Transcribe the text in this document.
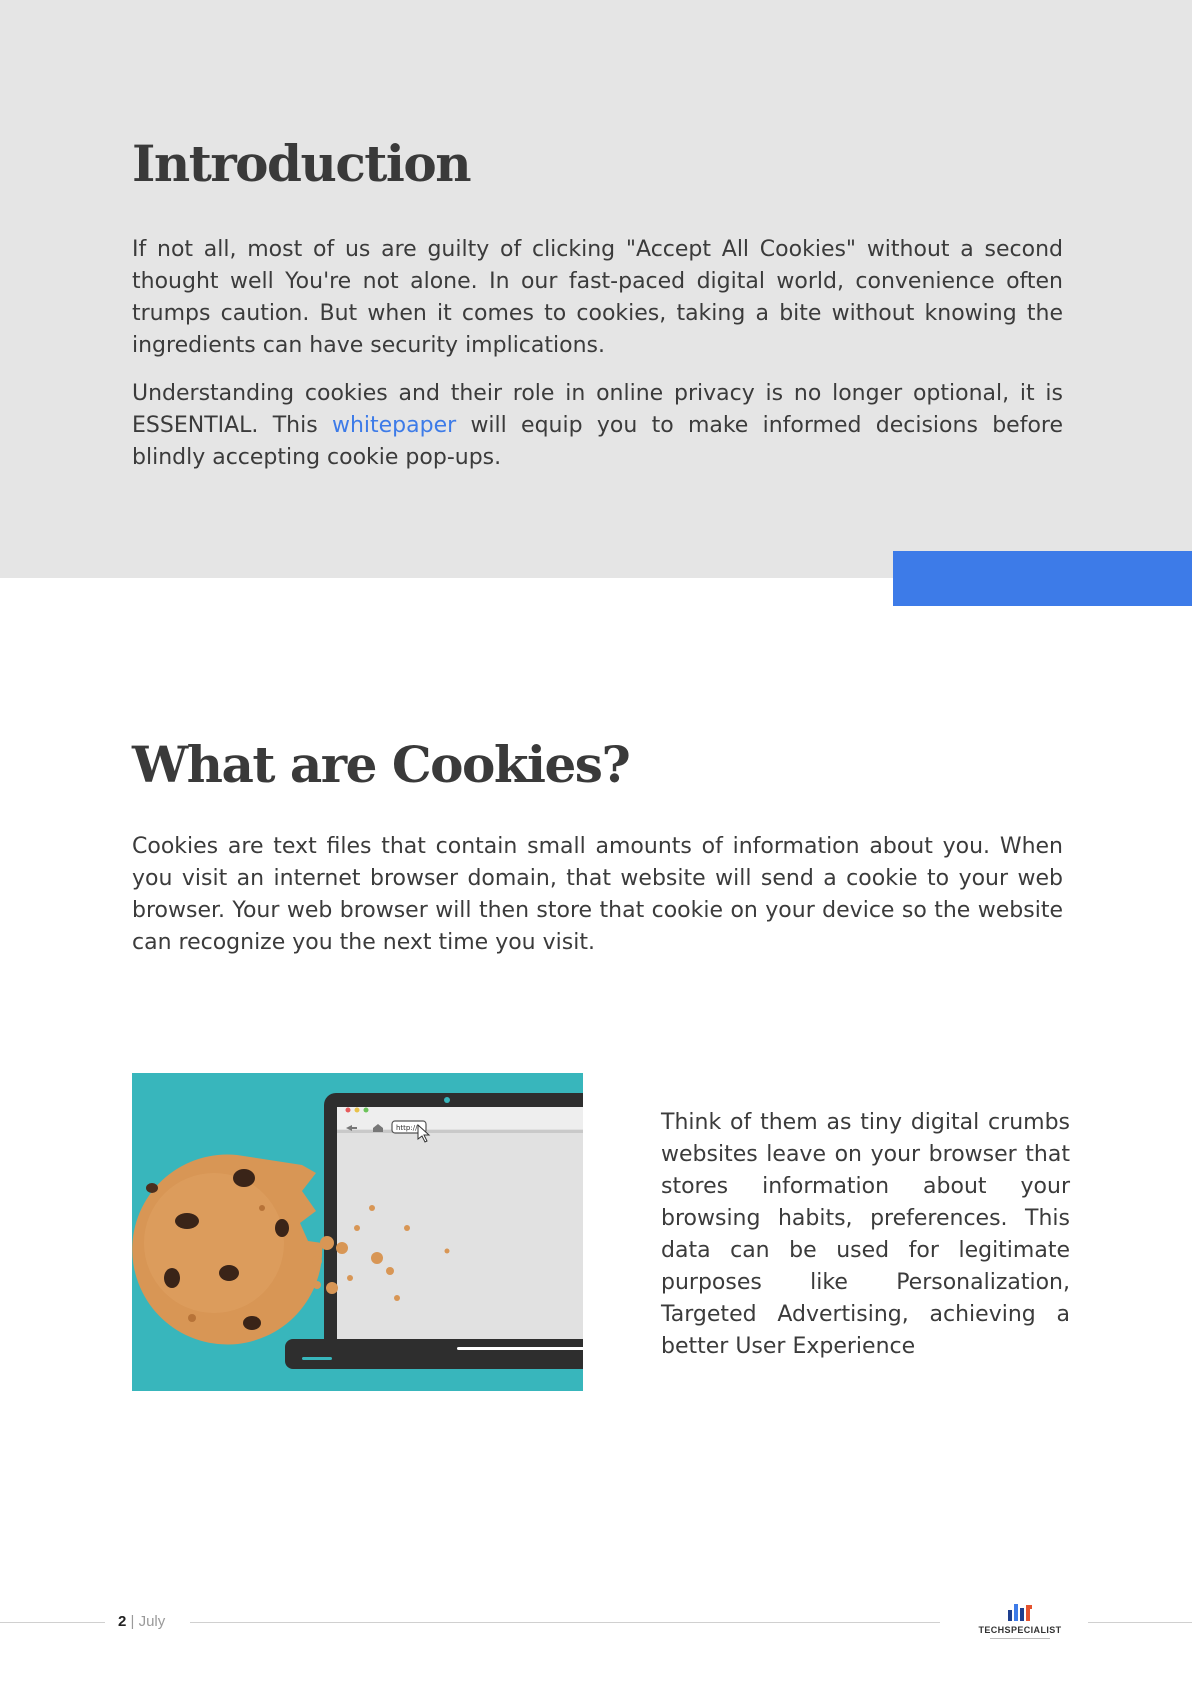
Introduction

If not all, most of us are guilty of clicking "Accept All Cookies" without a second thought well You're not alone. In our fast-paced digital world, convenience often trumps caution. But when it comes to cookies, taking a bite without knowing the ingredients can have security implications.

Understanding cookies and their role in online privacy is no longer optional, it is ESSENTIAL. This whitepaper will equip you to make informed decisions before blindly accepting cookie pop-ups.

What are Cookies?

Cookies are text files that contain small amounts of information about you. When you visit an internet browser domain, that website will send a cookie to your web browser. Your web browser will then store that cookie on your device so the website can recognize you the next time you visit.

http://	Think of them as tiny digital crumbs websites leave on your browser that stores information about your browsing habits, preferences. This data can be used for legitimate purposes like Personalization, Targeted Advertising, achieving a better User Experience

2 | July	TECHSPECIALIST
